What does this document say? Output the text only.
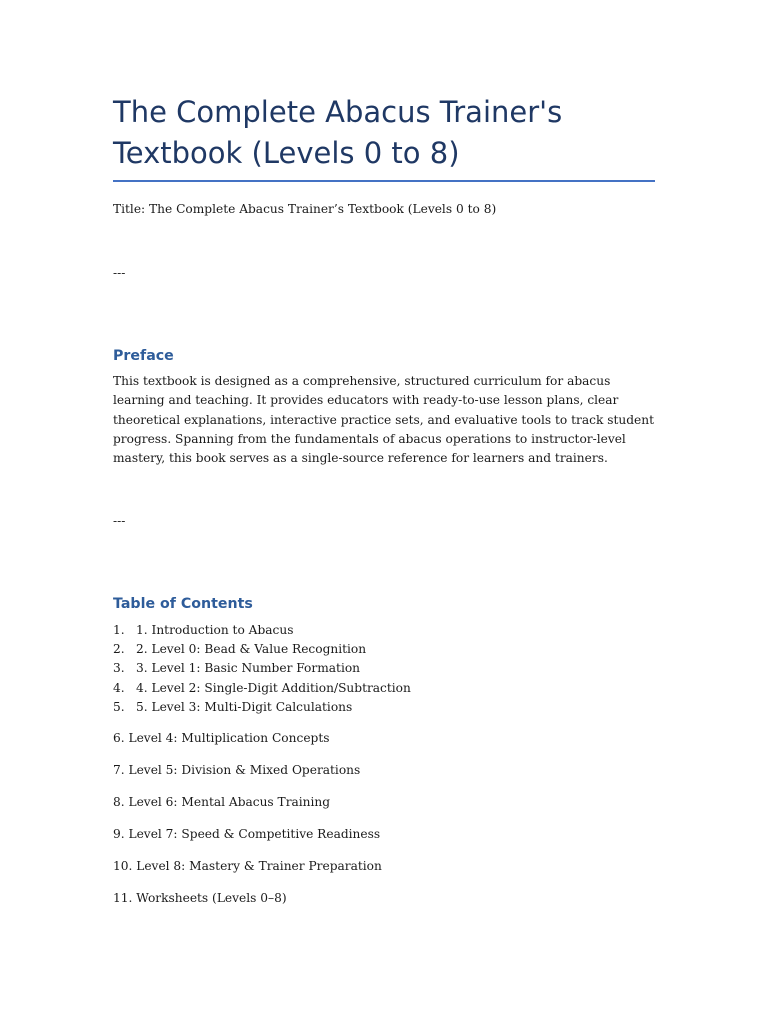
The Complete Abacus Trainer's Textbook (Levels 0 to 8)

Title: The Complete Abacus Trainer’s Textbook (Levels 0 to 8)

---

Preface

This textbook is designed as a comprehensive, structured curriculum for abacus learning and teaching. It provides educators with ready-to-use lesson plans, clear theoretical explanations, interactive practice sets, and evaluative tools to track student progress. Spanning from the fundamentals of abacus operations to instructor-level mastery, this book serves as a single-source reference for learners and trainers.

---

Table of Contents
1. 1. Introduction to Abacus
2. 2. Level 0: Bead & Value Recognition
3. 3. Level 1: Basic Number Formation
4. 4. Level 2: Single-Digit Addition/Subtraction
5. 5. Level 3: Multi-Digit Calculations
6. Level 4: Multiplication Concepts
7. Level 5: Division & Mixed Operations
8. Level 6: Mental Abacus Training
9. Level 7: Speed & Competitive Readiness
10. Level 8: Mastery & Trainer Preparation
11. Worksheets (Levels 0–8)
